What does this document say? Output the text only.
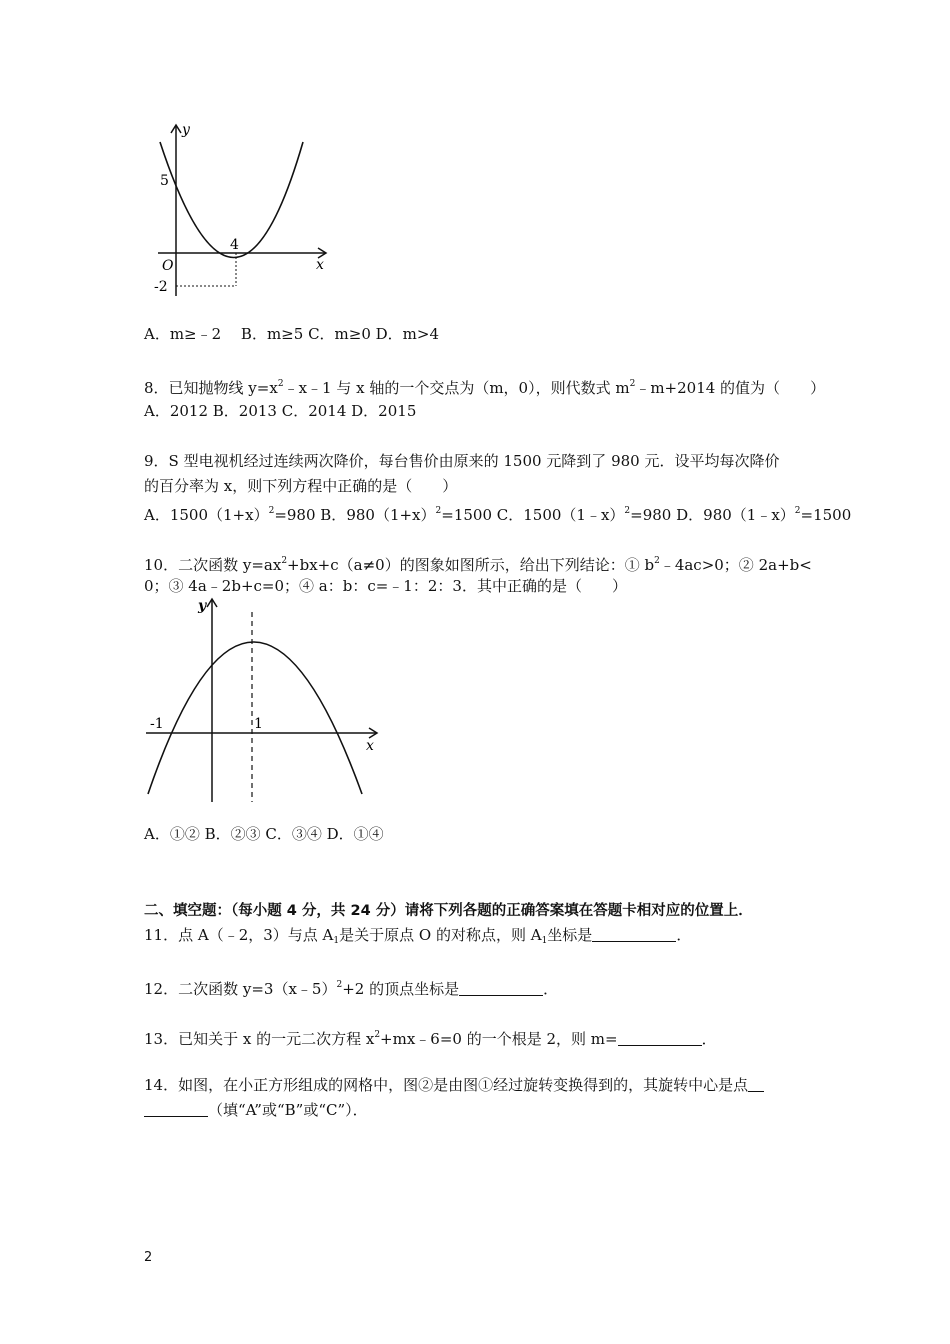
y
x
O
5
4
-2
A．m≥﹣2　 B．m≥5 C．m≥0 D．m>4
8．已知抛物线 $y=x^2﹣x﹣1$ 与 x 轴的一个交点为（m，0），则代数式 $m^2﹣m+2014$ 的值为（　　）
A．2012 B．2013 C．2014 D．2015
9．S 型电视机经过连续两次降价，每台售价由原来的 1500 元降到了 980 元．设平均每次降价
的百分率为 x，则下列方程中正确的是（　　）
A．$1500(1+x)^2=980$ B．$980(1+x)^2=1500$ C．1500（1﹣x）$^2$=980 D．980（1﹣x）$^2$=1500
10．二次函数 $y=ax^2+bx+c(a\ne 0)$的图象如图所示，给出下列结论：① $b^2﹣4ac>0$；② 2a+b<
0；③ 4a﹣2b+c=0；④ a：b：c=﹣1：2：3．其中正确的是（　　）
y
x
-1	1
A．①② B．②③ C．③④ D．①④
二、填空题：（每小题 4 分，共 24 分）请将下列各题的正确答案填在答题卡相对应的位置上．
11．点 A（﹣2，3）与点 $A_1$是关于原点 O 的对称点，则 $A_1$坐标是	．
12．二次函数 y=3（x﹣5）$^2$+2 的顶点坐标是	．
13．已知关于 x 的一元二次方程 $x^2+mx﹣6=0$ 的一个根是 2，则 m=	．
14．如图，在小正方形组成的网格中，图②是由图①经过旋转变换得到的，其旋转中心是点
（填“A”或“B”或“C”）．
2
